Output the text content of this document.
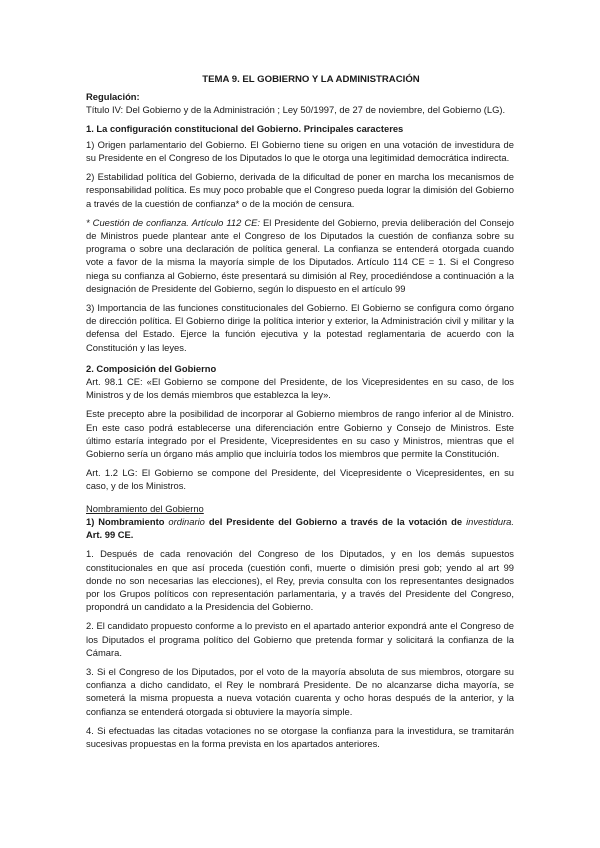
TEMA 9. EL GOBIERNO Y LA ADMINISTRACIÓN

Regulación:

Título IV: Del Gobierno y de la Administración ; Ley 50/1997, de 27 de noviembre, del Gobierno (LG).

1. La configuración constitucional del Gobierno. Principales caracteres

1) Origen parlamentario del Gobierno. El Gobierno tiene su origen en una votación de investidura de su Presidente en el Congreso de los Diputados lo que le otorga una legitimidad democrática indirecta.

2) Estabilidad política del Gobierno, derivada de la dificultad de poner en marcha los mecanismos de responsabilidad política. Es muy poco probable que el Congreso pueda lograr la dimisión del Gobierno a través de la cuestión de confianza* o de la moción de censura.

* Cuestión de confianza. Artículo 112 CE: El Presidente del Gobierno, previa deliberación del Consejo de Ministros puede plantear ante el Congreso de los Diputados la cuestión de confianza sobre su programa o sobre una declaración de política general. La confianza se entenderá otorgada cuando vote a favor de la misma la mayoría simple de los Diputados. Artículo 114 CE = 1. Si el Congreso niega su confianza al Gobierno, éste presentará su dimisión al Rey, procediéndose a continuación a la designación de Presidente del Gobierno, según lo dispuesto en el artículo 99

3) Importancia de las funciones constitucionales del Gobierno. El Gobierno se configura como órgano de dirección política. El Gobierno dirige la política interior y exterior, la Administración civil y militar y la defensa del Estado. Ejerce la función ejecutiva y la potestad reglamentaria de acuerdo con la Constitución y las leyes.

2. Composición del Gobierno

Art. 98.1 CE: «El Gobierno se compone del Presidente, de los Vicepresidentes en su caso, de los Ministros y de los demás miembros que establezca la ley».

Este precepto abre la posibilidad de incorporar al Gobierno miembros de rango inferior al de Ministro. En este caso podrá establecerse una diferenciación entre Gobierno y Consejo de Ministros. Este último estaría integrado por el Presidente, Vicepresidentes en su caso y Ministros, mientras que el Gobierno sería un órgano más amplio que incluiría todos los miembros que permite la Constitución.

Art. 1.2 LG: El Gobierno se compone del Presidente, del Vicepresidente o Vicepresidentes, en su caso, y de los Ministros.

Nombramiento del Gobierno

1) Nombramiento ordinario del Presidente del Gobierno a través de la votación de investidura. Art. 99 CE.

1. Después de cada renovación del Congreso de los Diputados, y en los demás supuestos constitucionales en que así proceda (cuestión confi, muerte o dimisión presi gob; yendo al art 99 donde no son necesarias las elecciones), el Rey, previa consulta con los representantes designados por los Grupos políticos con representación parlamentaria, y a través del Presidente del Congreso, propondrá un candidato a la Presidencia del Gobierno.

2. El candidato propuesto conforme a lo previsto en el apartado anterior expondrá ante el Congreso de los Diputados el programa político del Gobierno que pretenda formar y solicitará la confianza de la Cámara.

3. Si el Congreso de los Diputados, por el voto de la mayoría absoluta de sus miembros, otorgare su confianza a dicho candidato, el Rey le nombrará Presidente. De no alcanzarse dicha mayoría, se someterá la misma propuesta a nueva votación cuarenta y ocho horas después de la anterior, y la confianza se entenderá otorgada si obtuviere la mayoría simple.

4. Si efectuadas las citadas votaciones no se otorgase la confianza para la investidura, se tramitarán sucesivas propuestas en la forma prevista en los apartados anteriores.
